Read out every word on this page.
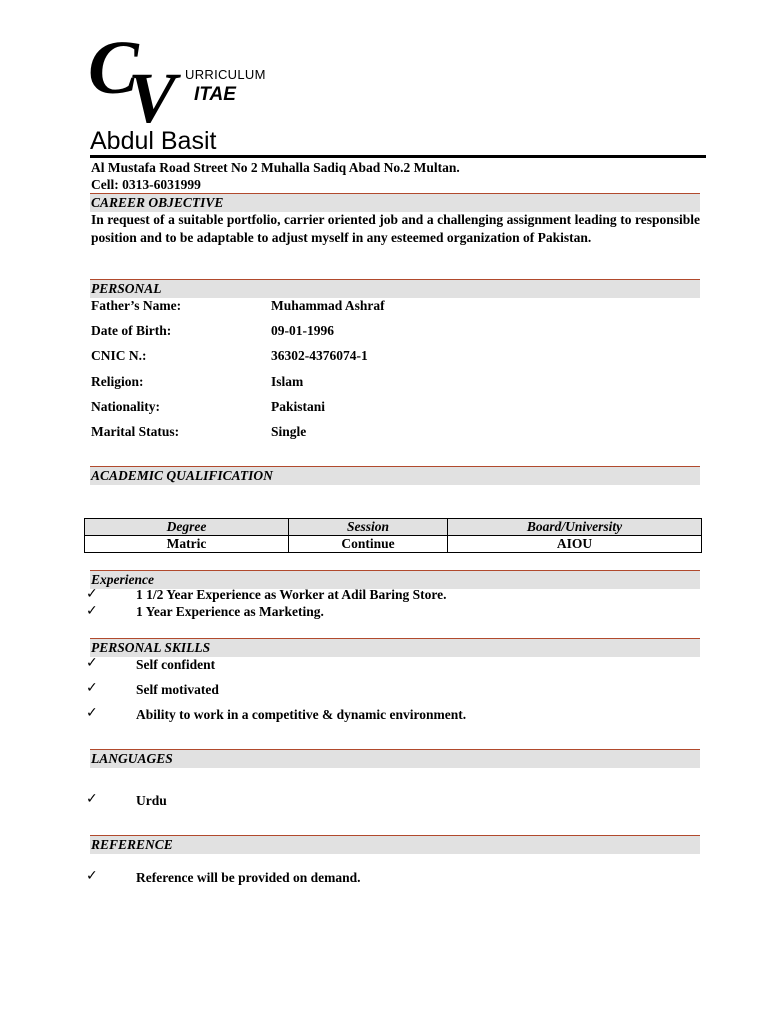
C
V URRICULUM
ITAE
Abdul Basit
Al Mustafa Road Street No 2 Muhalla Sadiq Abad No.2 Multan.
Cell: 0313-6031999
CAREER OBJECTIVE
In request of a suitable portfolio, carrier oriented job and a challenging assignment leading to responsible position and to be adaptable to adjust myself in any esteemed organization of Pakistan.
PERSONAL
Father’s Name:	Muhammad Ashraf
Date of Birth:	09-01-1996
CNIC N.:	36302-4376074-1
Religion:	Islam
Nationality:	Pakistani
Marital Status:	Single
ACADEMIC QUALIFICATION
Degree	Session	Board/University
Matric	Continue	AIOU
Experience
✓	1 1/2 Year Experience as Worker at Adil Baring Store.
✓	1 Year Experience as Marketing.
PERSONAL SKILLS
✓	Self confident
✓	Self motivated
✓	Ability to work in a competitive & dynamic environment.
LANGUAGES
✓	Urdu
REFERENCE
✓	Reference will be provided on demand.
